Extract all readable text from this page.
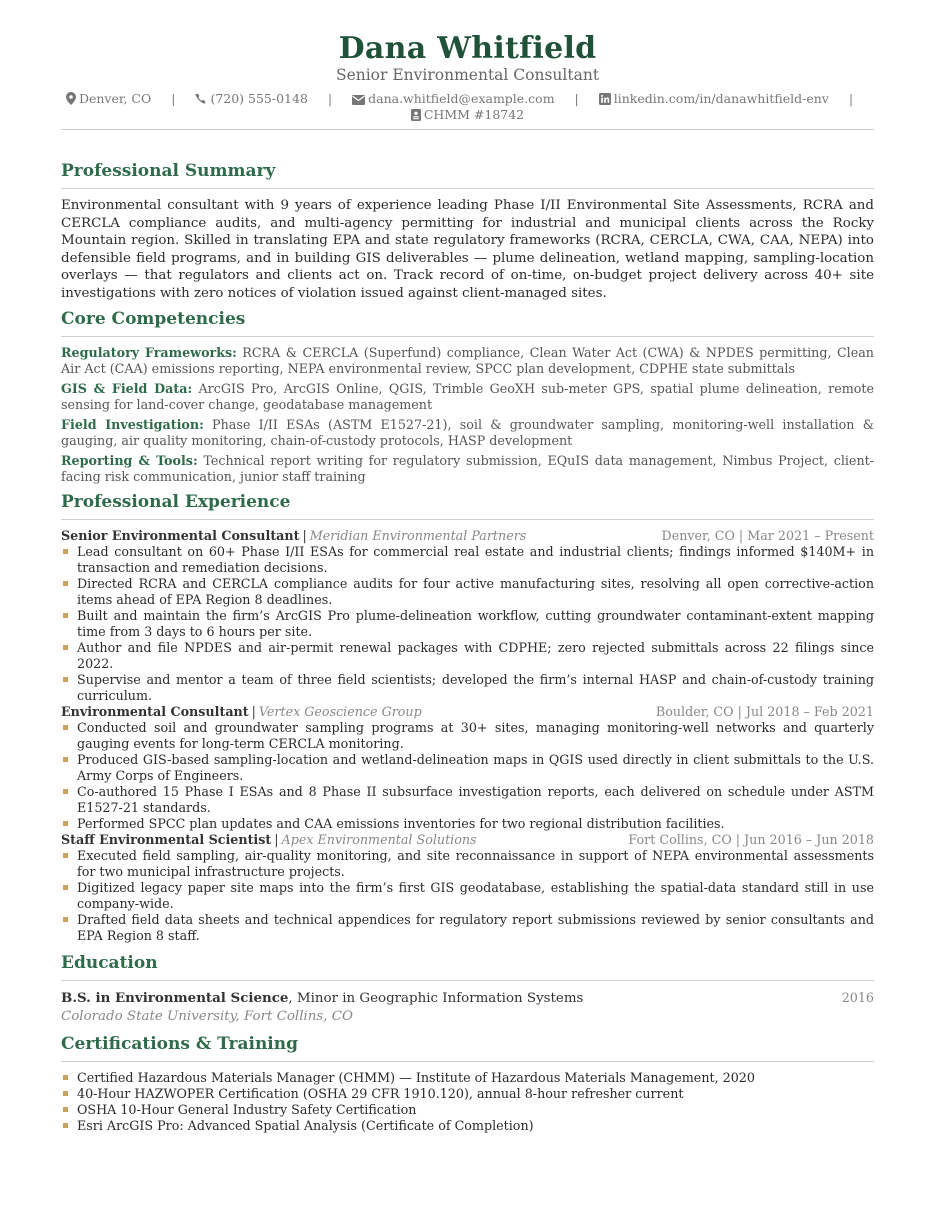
Dana Whitfield
Senior Environmental Consultant
Denver, CO |	(720) 555-0148 |	dana.whitfield@example.com |	linkedin.com/in/danawhitfield-env |
CHMM #18742
Professional Summary

Environmental consultant with 9 years of experience leading Phase I/II Environmental Site Assessments, RCRA and CERCLA compliance audits, and multi-agency permitting for industrial and municipal clients across the Rocky Mountain region. Skilled in translating EPA and state regulatory frameworks (RCRA, CERCLA, CWA, CAA, NEPA) into defensible field programs, and in building GIS deliverables — plume delineation, wetland mapping, sampling-location overlays — that regulators and clients act on. Track record of on-time, on-budget project delivery across 40+ site investigations with zero notices of violation issued against client-managed sites.

Core Competencies

Regulatory Frameworks: RCRA & CERCLA (Superfund) compliance, Clean Water Act (CWA) & NPDES permitting, Clean Air Act (CAA) emissions reporting, NEPA environmental review, SPCC plan development, CDPHE state submittals

GIS & Field Data: ArcGIS Pro, ArcGIS Online, QGIS, Trimble GeoXH sub-meter GPS, spatial plume delineation, remote sensing for land-cover change, geodatabase management

Field Investigation: Phase I/II ESAs (ASTM E1527-21), soil & groundwater sampling, monitoring-well installation & gauging, air quality monitoring, chain-of-custody protocols, HASP development

Reporting & Tools: Technical report writing for regulatory submission, EQuIS data management, Nimbus Project, client-facing risk communication, junior staff training

Professional Experience
Senior Environmental Consultant | Meridian Environmental Partners	Denver, CO | Mar 2021 – Present
Lead consultant on 60+ Phase I/II ESAs for commercial real estate and industrial clients; findings informed $140M+ in transaction and remediation decisions.
Directed RCRA and CERCLA compliance audits for four active manufacturing sites, resolving all open corrective-action items ahead of EPA Region 8 deadlines.
Built and maintain the firm’s ArcGIS Pro plume-delineation workflow, cutting groundwater contaminant-extent mapping time from 3 days to 6 hours per site.
Author and file NPDES and air-permit renewal packages with CDPHE; zero rejected submittals across 22 filings since 2022.
Supervise and mentor a team of three field scientists; developed the firm’s internal HASP and chain-of-custody training curriculum.
Environmental Consultant | Vertex Geoscience Group	Boulder, CO | Jul 2018 – Feb 2021
Conducted soil and groundwater sampling programs at 30+ sites, managing monitoring-well networks and quarterly gauging events for long-term CERCLA monitoring.
Produced GIS-based sampling-location and wetland-delineation maps in QGIS used directly in client submittals to the U.S. Army Corps of Engineers.
Co-authored 15 Phase I ESAs and 8 Phase II subsurface investigation reports, each delivered on schedule under ASTM E1527-21 standards.
Performed SPCC plan updates and CAA emissions inventories for two regional distribution facilities.
Staff Environmental Scientist | Apex Environmental Solutions	Fort Collins, CO | Jun 2016 – Jun 2018
Executed field sampling, air-quality monitoring, and site reconnaissance in support of NEPA environmental assessments for two municipal infrastructure projects.
Digitized legacy paper site maps into the firm’s first GIS geodatabase, establishing the spatial-data standard still in use company-wide.
Drafted field data sheets and technical appendices for regulatory report submissions reviewed by senior consultants and EPA Region 8 staff.
Education
B.S. in Environmental Science, Minor in Geographic Information Systems	2016
Colorado State University, Fort Collins, CO
Certifications & Training
Certified Hazardous Materials Manager (CHMM) — Institute of Hazardous Materials Management, 2020
40-Hour HAZWOPER Certification (OSHA 29 CFR 1910.120), annual 8-hour refresher current
OSHA 10-Hour General Industry Safety Certification
Esri ArcGIS Pro: Advanced Spatial Analysis (Certificate of Completion)
